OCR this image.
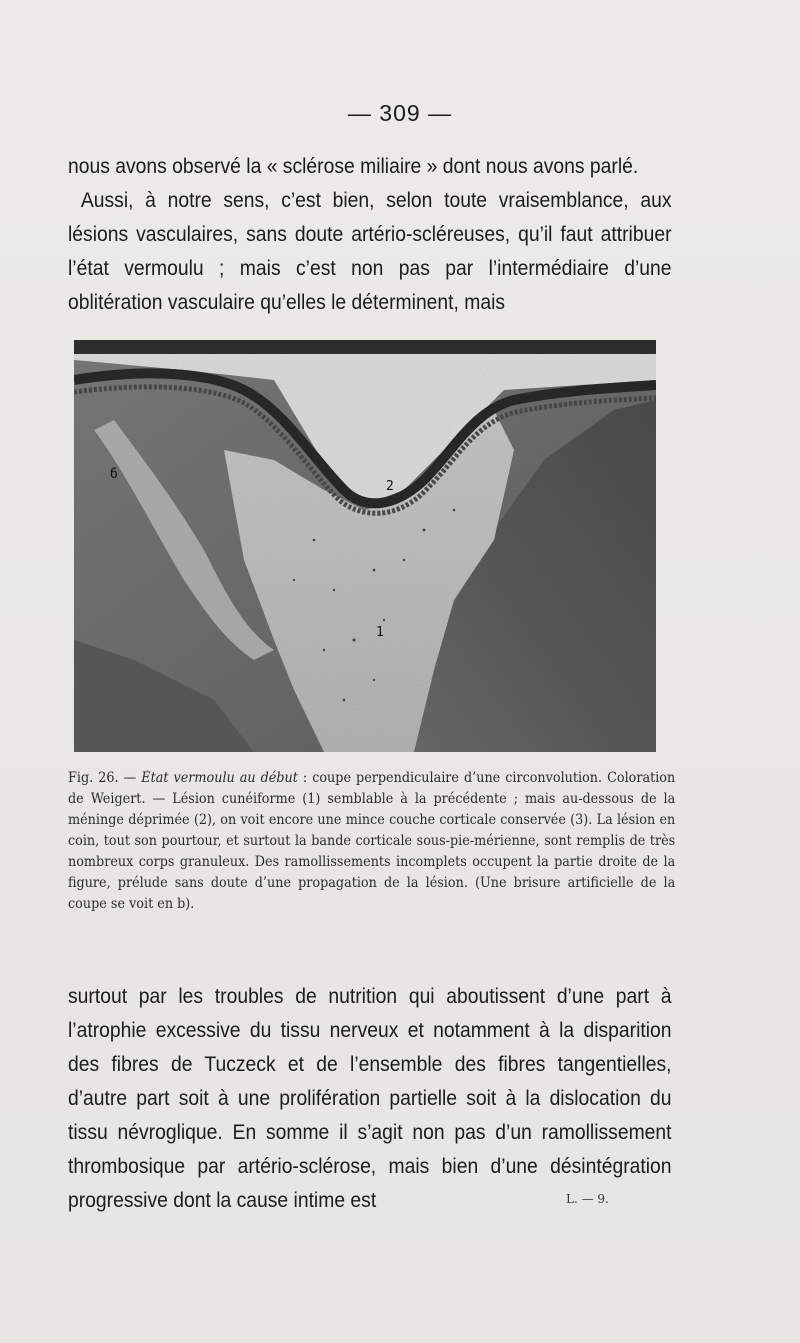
— 309 —

nous avons observé la « sclérose miliaire » dont nous avons parlé.

Aussi, à notre sens, c’est bien, selon toute vraisemblance, aux lésions vasculaires, sans doute artério-scléreuses, qu’il faut attribuer l’état vermoulu ; mais c’est non pas par l’intermédiaire d’une oblitération vasculaire qu’elles le déterminent, mais

б
2
1
Fig. 26. — État vermoulu au début : coupe perpendiculaire d’une circonvolution. Coloration de Weigert. — Lésion cunéiforme (1) semblable à la précédente ; mais au-dessous de la méninge déprimée (2), on voit encore une mince couche corticale conservée (3). La lésion en coin, tout son pourtour, et surtout la bande corticale sous-pie-mérienne, sont remplis de très nombreux corps granuleux. Des ramollissements incomplets occupent la partie droite de la figure, prélude sans doute d’une propagation de la lésion. (Une brisure artificielle de la coupe se voit en b).

surtout par les troubles de nutrition qui aboutissent d’une part à l’atrophie excessive du tissu nerveux et notamment à la disparition des fibres de Tuczeck et de l’ensemble des fibres tangentielles, d’autre part soit à une prolifération partielle soit à la dislocation du tissu névroglique. En somme il s’agit non pas d’un ramollissement thrombosique par artério-sclérose, mais bien d’une désintégration progressive dont la cause intime est	L. — 9.
